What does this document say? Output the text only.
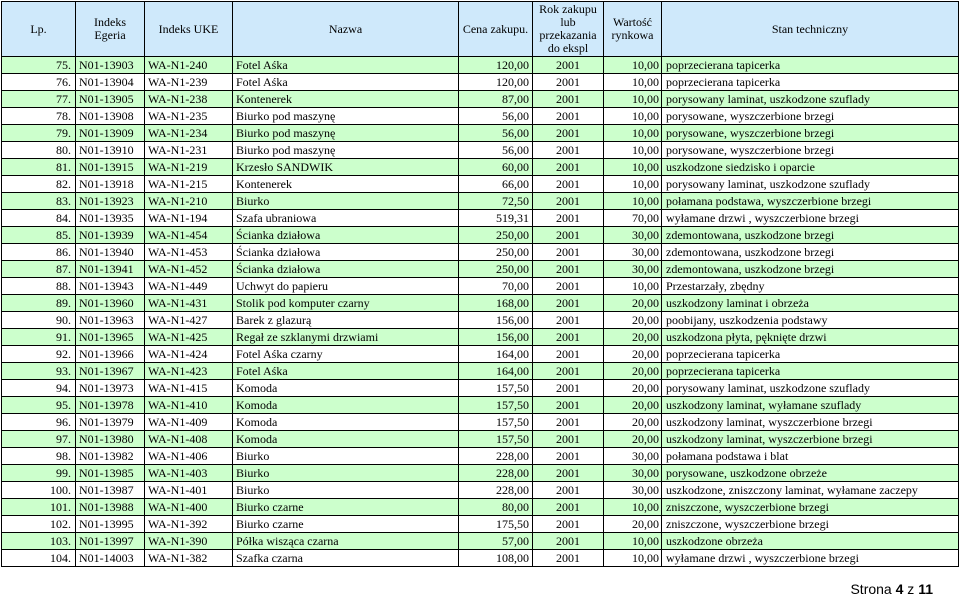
Lp.	Indeks Egeria	Indeks UKE	Nazwa	Cena zakupu.	Rok zakupu lub przekazania do ekspl	Wartość rynkowa	Stan techniczny
75.	N01-13903	WA-N1-240	Fotel Aśka	120,00	2001	10,00	poprzecierana tapicerka
76.	N01-13904	WA-N1-239	Fotel Aśka	120,00	2001	10,00	poprzecierana tapicerka
77.	N01-13905	WA-N1-238	Kontenerek	87,00	2001	10,00	porysowany laminat, uszkodzone szuflady
78.	N01-13908	WA-N1-235	Biurko pod maszynę	56,00	2001	10,00	porysowane, wyszczerbione brzegi
79.	N01-13909	WA-N1-234	Biurko pod maszynę	56,00	2001	10,00	porysowane, wyszczerbione brzegi
80.	N01-13910	WA-N1-231	Biurko pod maszynę	56,00	2001	10,00	porysowane, wyszczerbione brzegi
81.	N01-13915	WA-N1-219	Krzesło SANDWIK	60,00	2001	10,00	uszkodzone siedzisko i oparcie
82.	N01-13918	WA-N1-215	Kontenerek	66,00	2001	10,00	porysowany laminat, uszkodzone szuflady
83.	N01-13923	WA-N1-210	Biurko	72,50	2001	10,00	połamana podstawa, wyszczerbione brzegi
84.	N01-13935	WA-N1-194	Szafa ubraniowa	519,31	2001	70,00	wyłamane drzwi , wyszczerbione brzegi
85.	N01-13939	WA-N1-454	Ścianka działowa	250,00	2001	30,00	zdemontowana, uszkodzone brzegi
86.	N01-13940	WA-N1-453	Ścianka działowa	250,00	2001	30,00	zdemontowana, uszkodzone brzegi
87.	N01-13941	WA-N1-452	Ścianka działowa	250,00	2001	30,00	zdemontowana, uszkodzone brzegi
88.	N01-13943	WA-N1-449	Uchwyt do papieru	70,00	2001	10,00	Przestarzały, zbędny
89.	N01-13960	WA-N1-431	Stolik pod komputer czarny	168,00	2001	20,00	uszkodzony laminat i obrzeża
90.	N01-13963	WA-N1-427	Barek z glazurą	156,00	2001	20,00	poobijany, uszkodzenia podstawy
91.	N01-13965	WA-N1-425	Regał ze szklanymi drzwiami	156,00	2001	20,00	uszkodzona płyta, pęknięte drzwi
92.	N01-13966	WA-N1-424	Fotel Aśka czarny	164,00	2001	20,00	poprzecierana tapicerka
93.	N01-13967	WA-N1-423	Fotel Aśka	164,00	2001	20,00	poprzecierana tapicerka
94.	N01-13973	WA-N1-415	Komoda	157,50	2001	20,00	porysowany laminat, uszkodzone szuflady
95.	N01-13978	WA-N1-410	Komoda	157,50	2001	20,00	uszkodzony laminat, wyłamane szuflady
96.	N01-13979	WA-N1-409	Komoda	157,50	2001	20,00	uszkodzony laminat, wyszczerbione brzegi
97.	N01-13980	WA-N1-408	Komoda	157,50	2001	20,00	uszkodzony laminat, wyszczerbione brzegi
98.	N01-13982	WA-N1-406	Biurko	228,00	2001	30,00	połamana podstawa i blat
99.	N01-13985	WA-N1-403	Biurko	228,00	2001	30,00	porysowane, uszkodzone obrzeże
100.	N01-13987	WA-N1-401	Biurko	228,00	2001	30,00	uszkodzone, zniszczony laminat, wyłamane zaczepy
101.	N01-13988	WA-N1-400	Biurko czarne	80,00	2001	10,00	zniszczone, wyszczerbione brzegi
102.	N01-13995	WA-N1-392	Biurko czarne	175,50	2001	20,00	zniszczone, wyszczerbione brzegi
103.	N01-13997	WA-N1-390	Półka wisząca czarna	57,00	2001	10,00	uszkodzone obrzeża
104.	N01-14003	WA-N1-382	Szafka czarna	108,00	2001	10,00	wyłamane drzwi , wyszczerbione brzegi
Strona 4 z 11
